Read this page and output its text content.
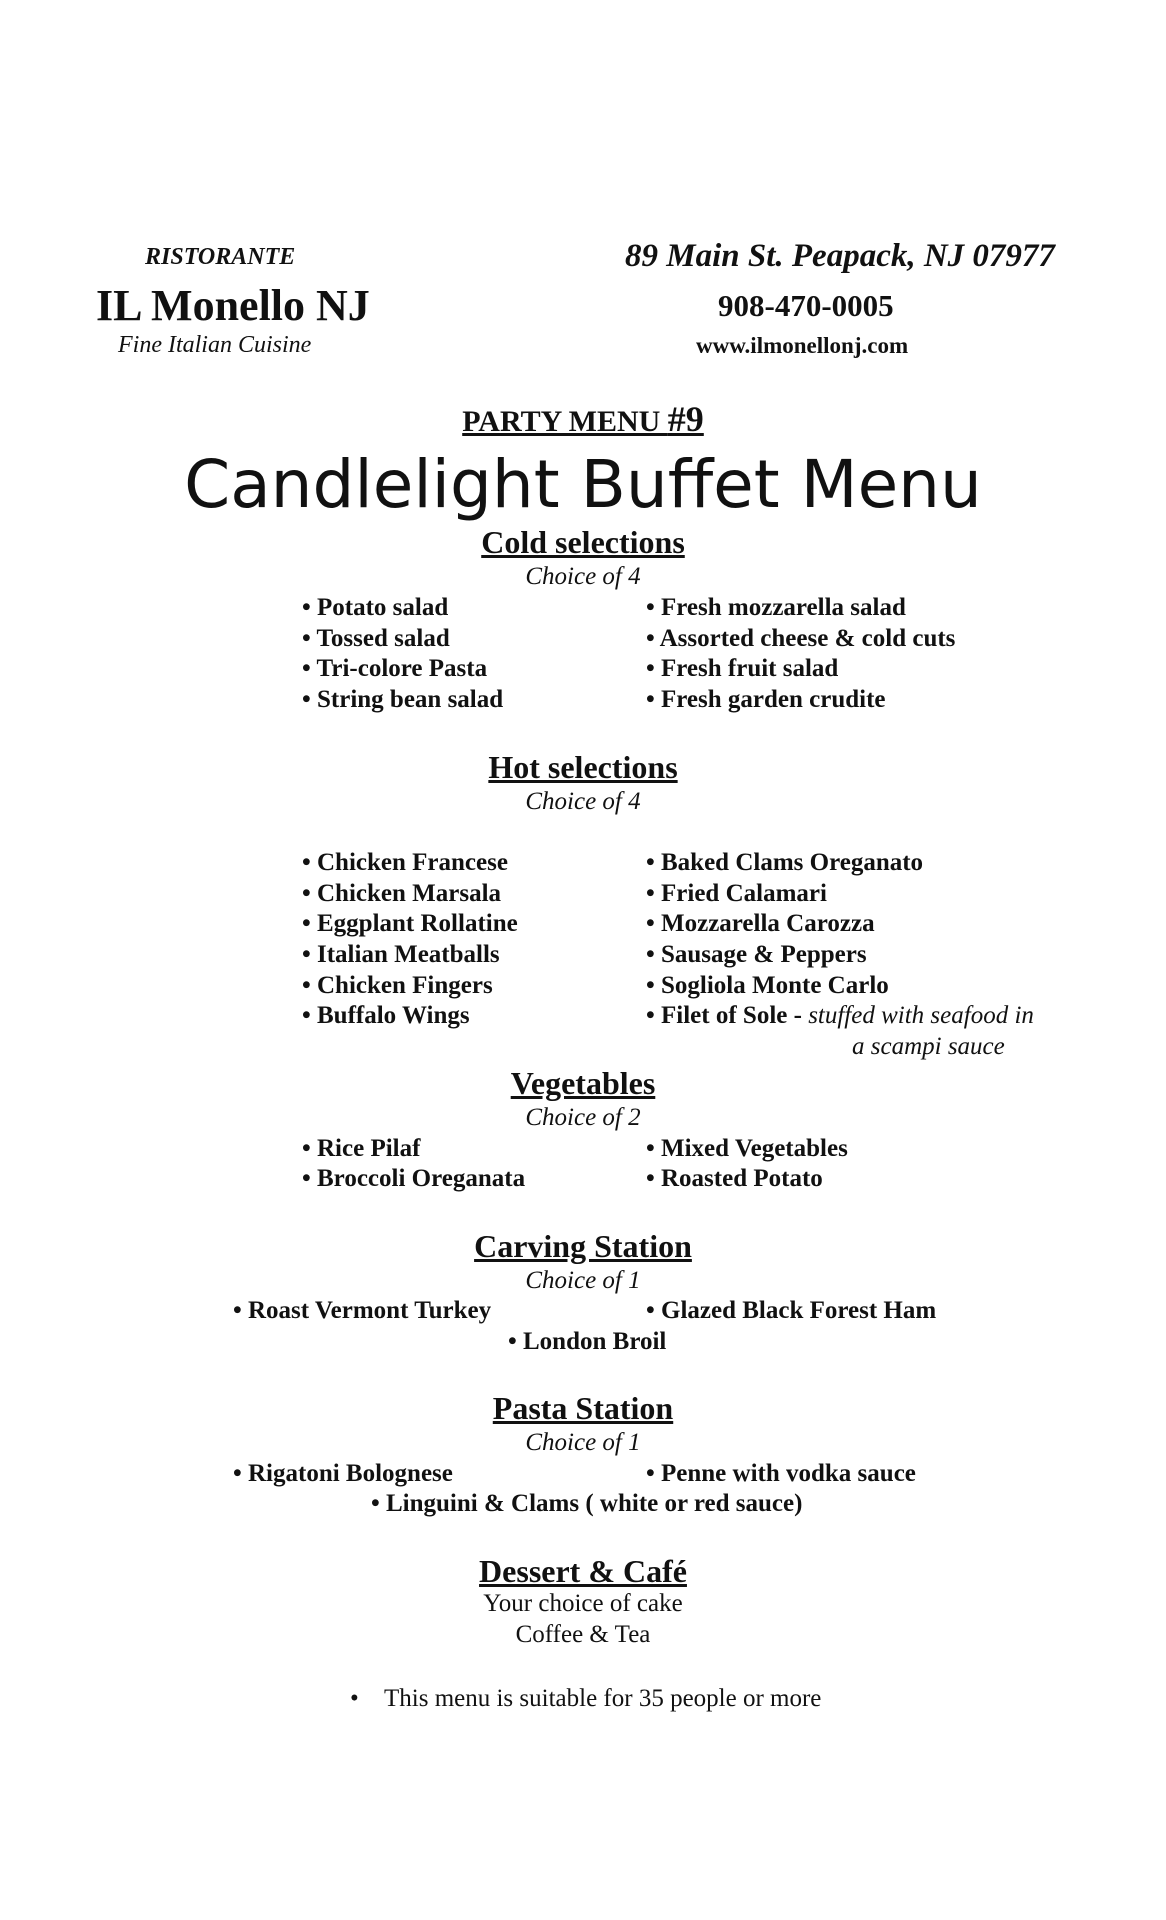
RISTORANTE
IL Monello NJ
Fine Italian Cuisine
89 Main St. Peapack, NJ 07977
908-470-0005
www.ilmonellonj.com
PARTY MENU #9
Candlelight Buffet Menu
Cold selections
Choice of 4
• Potato salad
• Tossed salad
• Tri-colore Pasta
• String bean salad
• Fresh mozzarella salad
• Assorted cheese & cold cuts
• Fresh fruit salad
• Fresh garden crudite
Hot selections
Choice of 4
• Chicken Francese
• Chicken Marsala
• Eggplant Rollatine
• Italian Meatballs
• Chicken Fingers
• Buffalo Wings
• Baked Clams Oreganato
• Fried Calamari
• Mozzarella Carozza
• Sausage & Peppers
• Sogliola Monte Carlo
• Filet of Sole - stuffed with seafood in
a scampi sauce
Vegetables
Choice of 2
• Rice Pilaf
• Broccoli Oreganata
• Mixed Vegetables
• Roasted Potato
Carving Station
Choice of 1
• Roast Vermont Turkey	• Glazed Black Forest Ham
• London Broil
Pasta Station
Choice of 1
• Rigatoni Bolognese	• Penne with vodka sauce
• Linguini & Clams ( white or red sauce)
Dessert & Café
Your choice of cake
Coffee & Tea
• This menu is suitable for 35 people or more
